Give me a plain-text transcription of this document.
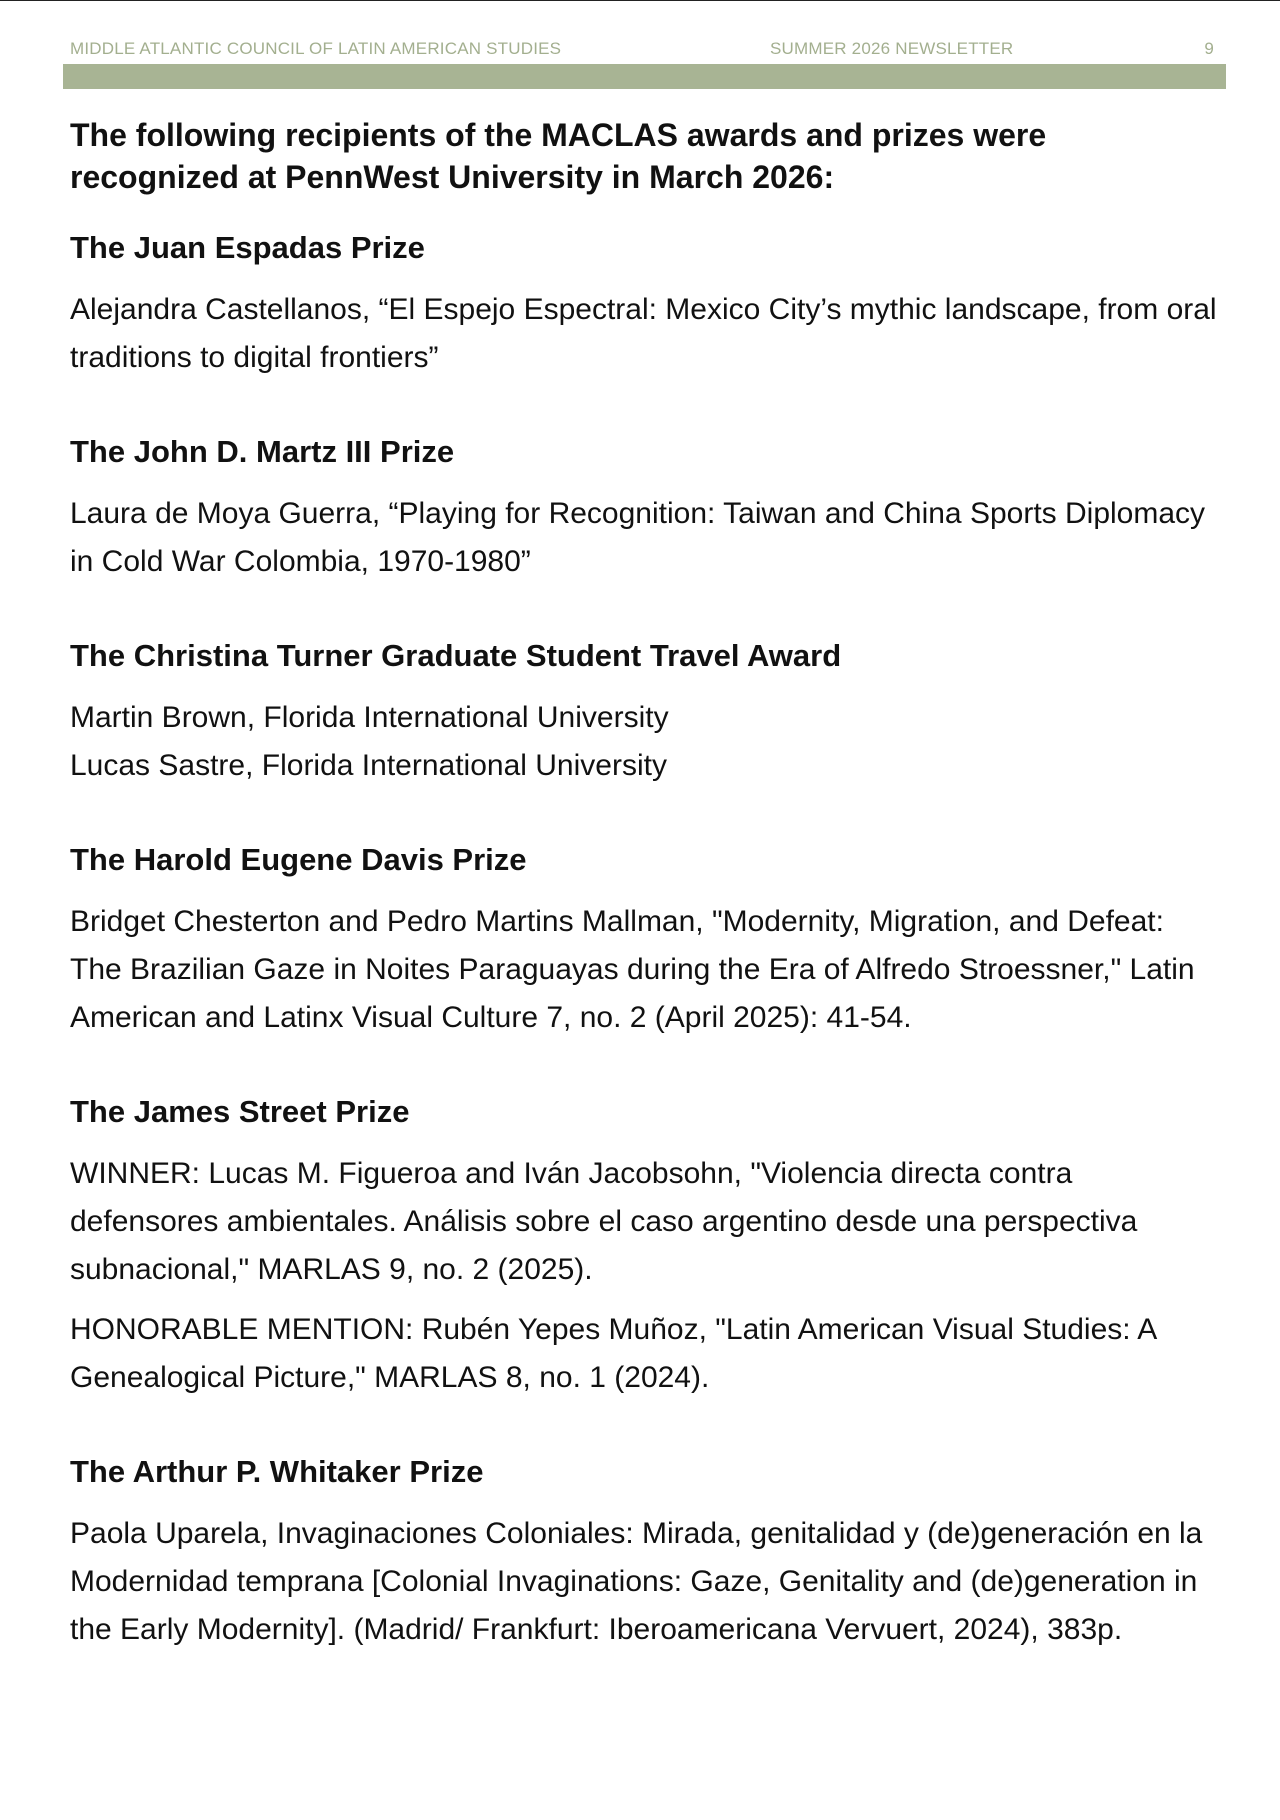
MIDDLE ATLANTIC COUNCIL OF LATIN AMERICAN STUDIES	SUMMER 2026 NEWSLETTER	9

The following recipients of the MACLAS awards and prizes were recognized at PennWest University in March 2026:

The Juan Espadas Prize

Alejandra Castellanos, “El Espejo Espectral: Mexico City’s mythic landscape, from oral traditions to digital frontiers”

The John D. Martz III Prize

Laura de Moya Guerra, “Playing for Recognition: Taiwan and China Sports Diplomacy in Cold War Colombia, 1970-1980”

The Christina Turner Graduate Student Travel Award

Martin Brown, Florida International University

Lucas Sastre, Florida International University

The Harold Eugene Davis Prize

Bridget Chesterton and Pedro Martins Mallman, "Modernity, Migration, and Defeat: The Brazilian Gaze in Noites Paraguayas during the Era of Alfredo Stroessner," Latin American and Latinx Visual Culture 7, no. 2 (April 2025): 41-54.

The James Street Prize

WINNER: Lucas M. Figueroa and Iván Jacobsohn, "Violencia directa contra defensores ambientales. Análisis sobre el caso argentino desde una perspectiva subnacional," MARLAS 9, no. 2 (2025).

HONORABLE MENTION: Rubén Yepes Muñoz, "Latin American Visual Studies: A Genealogical Picture," MARLAS 8, no. 1 (2024).

The Arthur P. Whitaker Prize

Paola Uparela, Invaginaciones Coloniales: Mirada, genitalidad y (de)generación en la Modernidad temprana [Colonial Invaginations: Gaze, Genitality and (de)generation in the Early Modernity]. (Madrid/ Frankfurt: Iberoamericana Vervuert, 2024), 383p.
